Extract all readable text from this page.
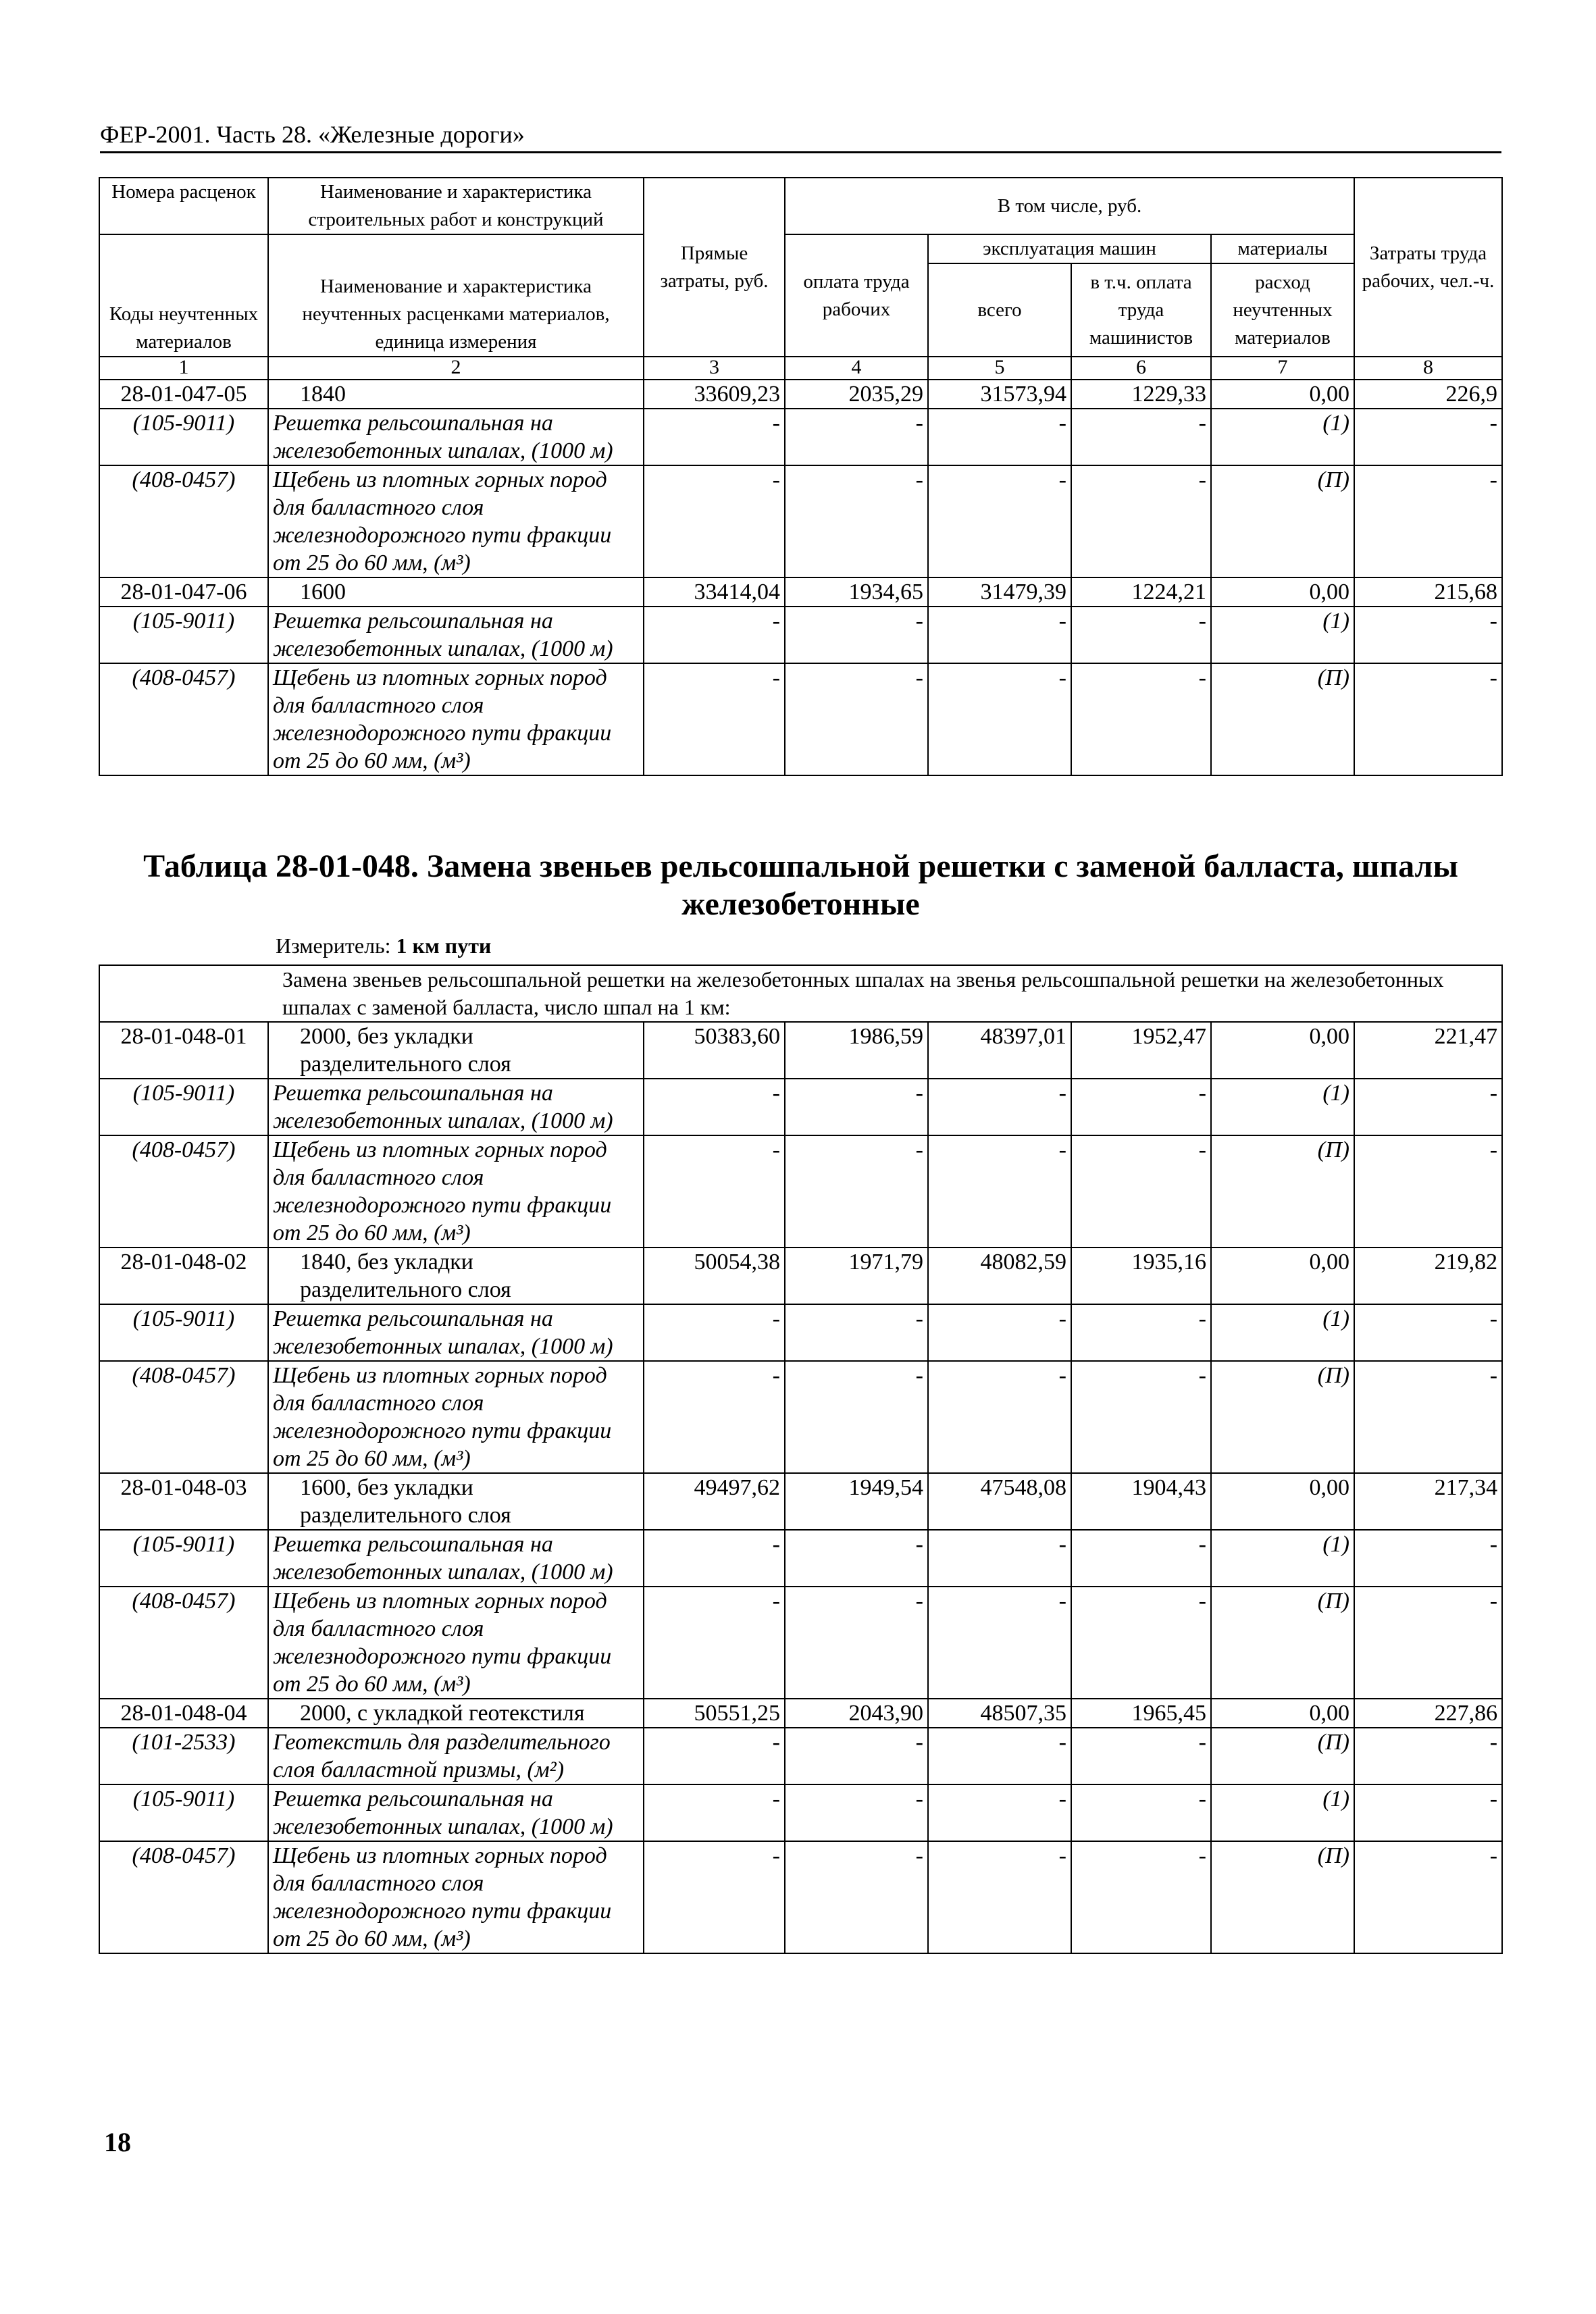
ФЕР-2001. Часть 28. «Железные дороги»
Номера расценок	Наименование и характеристика строительных работ и конструкций	Прямые затраты, руб.	В том числе, руб.				Затраты труда рабочих, чел.-ч.
Коды неучтенных материалов	Наименование и характеристика неучтенных расценками материалов, единица измерения		оплата труда рабочих	эксплуатация машин		материалы	
				всего	в т.ч. оплата труда машинистов	расход неучтенных материалов	
1	2	3	4	5	6	7	8
28-01-047-05	1840	33609,23	2035,29	31573,94	1229,33	0,00	226,9
(105-9011)	Решетка рельсошпальная на железобетонных шпалах, (1000 м)	-	-	-	-	(1)	-
(408-0457)	Щебень из плотных горных пород для балластного слоя железнодорожного пути фракции от 25 до 60 мм, (м³)	-	-	-	-	(П)	-
28-01-047-06	1600	33414,04	1934,65	31479,39	1224,21	0,00	215,68
(105-9011)	Решетка рельсошпальная на железобетонных шпалах, (1000 м)	-	-	-	-	(1)	-
(408-0457)	Щебень из плотных горных пород для балластного слоя железнодорожного пути фракции от 25 до 60 мм, (м³)	-	-	-	-	(П)	-
Таблица 28-01-048. Замена звеньев рельсошпальной решетки с заменой балласта, шпалы железобетонные
Измеритель: 1 км пути
Замена звеньев рельсошпальной решетки на железобетонных шпалах на звенья рельсошпальной решетки на железобетонных шпалах с заменой балласта, число шпал на 1 км:							
28-01-048-01	2000, без укладки разделительного слоя	50383,60	1986,59	48397,01	1952,47	0,00	221,47
(105-9011)	Решетка рельсошпальная на железобетонных шпалах, (1000 м)	-	-	-	-	(1)	-
(408-0457)	Щебень из плотных горных пород для балластного слоя железнодорожного пути фракции от 25 до 60 мм, (м³)	-	-	-	-	(П)	-
28-01-048-02	1840, без укладки разделительного слоя	50054,38	1971,79	48082,59	1935,16	0,00	219,82
(105-9011)	Решетка рельсошпальная на железобетонных шпалах, (1000 м)	-	-	-	-	(1)	-
(408-0457)	Щебень из плотных горных пород для балластного слоя железнодорожного пути фракции от 25 до 60 мм, (м³)	-	-	-	-	(П)	-
28-01-048-03	1600, без укладки разделительного слоя	49497,62	1949,54	47548,08	1904,43	0,00	217,34
(105-9011)	Решетка рельсошпальная на железобетонных шпалах, (1000 м)	-	-	-	-	(1)	-
(408-0457)	Щебень из плотных горных пород для балластного слоя железнодорожного пути фракции от 25 до 60 мм, (м³)	-	-	-	-	(П)	-
28-01-048-04	2000, с укладкой геотекстиля	50551,25	2043,90	48507,35	1965,45	0,00	227,86
(101-2533)	Геотекстиль для разделительного слоя балластной призмы, (м²)	-	-	-	-	(П)	-
(105-9011)	Решетка рельсошпальная на железобетонных шпалах, (1000 м)	-	-	-	-	(1)	-
(408-0457)	Щебень из плотных горных пород для балластного слоя железнодорожного пути фракции от 25 до 60 мм, (м³)	-	-	-	-	(П)	-
18
